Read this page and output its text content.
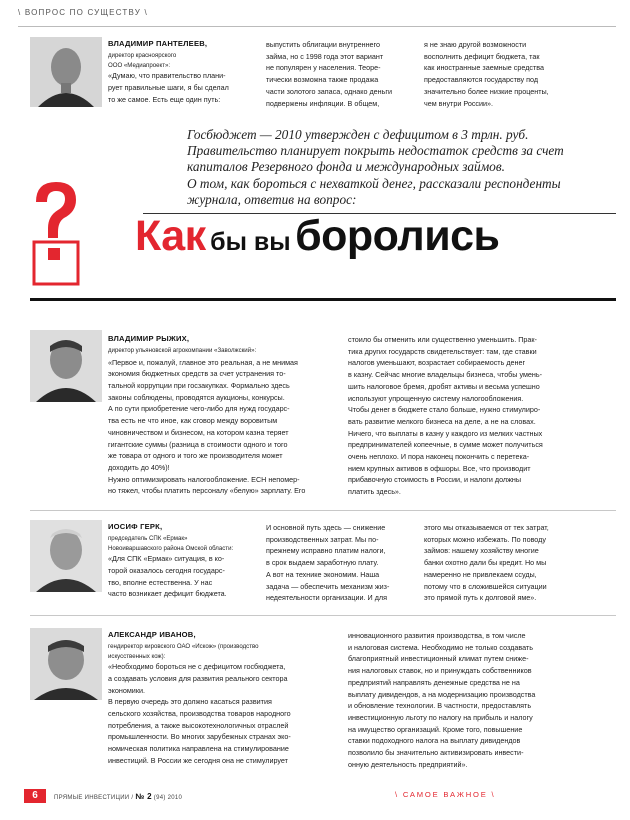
\ ВОПРОС ПО СУЩЕСТВУ \
ВЛАДИМИР ПАНТЕЛЕЕВ,
директор красноярского
ООО «Медиапроект»:
«Думаю, что правительство плани-
рует правильные шаги, я бы сделал
то же самое. Есть еще один путь:
выпустить облигации внутреннего
займа, но с 1998 года этот вариант
не популярен у населения. Теоре-
тически возможна также продажа
части золотого запаса, однако деньги
подвержены инфляции. В общем,
я не знаю другой возможности
восполнить дефицит бюджета, так
как иностранные заемные средства
предоставляются государству под
значительно более низкие проценты,
чем внутри России».
Госбюджет — 2010 утвержден с дефицитом в 3 трлн. руб.
Правительство планирует покрыть недостаток средств за счет
капиталов Резервного фонда и международных займов.
О том, как бороться с нехваткой денег, рассказали респонденты
журнала, ответив на вопрос:
Как бы вы боролись
ВЛАДИМИР РЫЖИХ,
директор ульяновской агрокомпании «Заволжский»:
«Первое и, пожалуй, главное это реальная, а не мнимая
экономия бюджетных средств за счет устранения то-
тальной коррупции при госзакупках. Формально здесь
законы соблюдены, проводятся аукционы, конкурсы.
А по сути приобретение чего-либо для нужд государс-
тва есть не что иное, как сговор между воровитым
чиновничеством и бизнесом, на котором казна теряет
гигантские суммы (разница в стоимости одного и того
же товара от одного и того же производителя может
доходить до 40%)!
Нужно оптимизировать налогообложение. ЕСН непомер-
но тяжел, чтобы платить персоналу «белую» зарплату. Его
стоило бы отменить или существенно уменьшить. Прак-
тика других государств свидетельствует: там, где ставки
налогов уменьшают, возрастает собираемость денег
в казну. Сейчас многие владельцы бизнеса, чтобы умень-
шить налоговое бремя, дробят активы и весьма успешно
используют упрощенную систему налогообложения.
Чтобы денег в бюджете стало больше, нужно стимулиро-
вать развитие мелкого бизнеса на деле, а не на словах.
Ничего, что выплаты в казну у каждого из мелких частных
предпринимателей копеечные, в сумме может получиться
очень неплохо. И пора наконец покончить с перетека-
нием крупных активов в офшоры. Все, что производит
прибавочную стоимость в России, и налоги должны
платить здесь».
ИОСИФ ГЕРК,
председатель СПК «Ермак»
Новоиваршавского района Омской области:
«Для СПК «Ермак» ситуация, в ко-
торой оказалось сегодня государс-
тво, вполне естественна. У нас
часто возникает дефицит бюджета.
И основной путь здесь — снижение
производственных затрат. Мы по-
прежнему исправно платим налоги,
в срок выдаем заработную плату.
А вот на технике экономим. Наша
задача — обеспечить механизм жиз-
недеятельности организации. И для
этого мы отказываемся от тех затрат,
которых можно избежать. По поводу
займов: нашему хозяйству многие
банки охотно дали бы кредит. Но мы
намеренно не привлекаем ссуды,
потому что в сложившейся ситуации
это прямой путь к долговой яме».
АЛЕКСАНДР ИВАНОВ,
гендиректор кировского ОАО «Искож» (производство
искусственных кож):
«Необходимо бороться не с дефицитом госбюджета,
а создавать условия для развития реального сектора
экономики.
В первую очередь это должно касаться развития
сельского хозяйства, производства товаров народного
потребления, а также высокотехнологичных отраслей
промышленности. Во многих зарубежных странах эко-
номическая политика направлена на стимулирование
инвестиций. В России же сегодня она не стимулирует
инновационного развития производства, в том числе
и налоговая система. Необходимо не только создавать
благоприятный инвестиционный климат путем сниже-
ния налоговых ставок, но и принуждать собственников
предприятий направлять денежные средства не на
выплату дивидендов, а на модернизацию производства
и обновление технологии. В частности, предоставлять
инвестиционную льготу по налогу на прибыль и налогу
на имущество организаций. Кроме того, повышение
ставки подоходного налога на выплату дивидендов
позволило бы значительно активизировать инвести-
онную деятельность предприятий».
6	ПРЯМЫЕ ИНВЕСТИЦИИ / № 2 (94) 2010	\ САМОЕ ВАЖНОЕ \
